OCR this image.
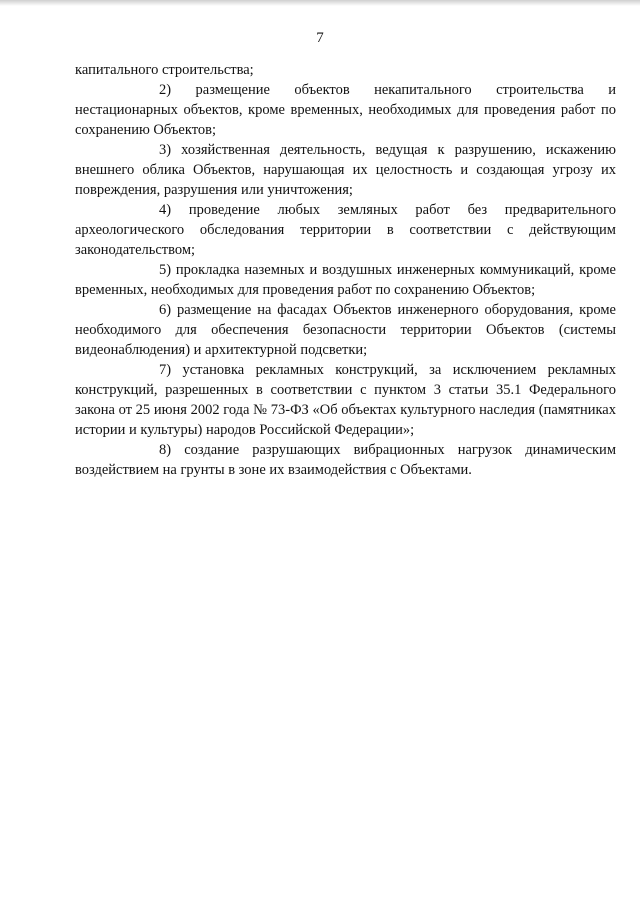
7

капитального строительства;

2) размещение объектов некапитального строительства и нестационарных объектов, кроме временных, необходимых для проведения работ по сохранению Объектов;

3) хозяйственная деятельность, ведущая к разрушению, искажению внешнего облика Объектов, нарушающая их целостность и создающая угрозу их повреждения, разрушения или уничтожения;

4) проведение любых земляных работ без предварительного археологического обследования территории в соответствии с действующим законодательством;

5) прокладка наземных и воздушных инженерных коммуникаций, кроме временных, необходимых для проведения работ по сохранению Объектов;

6) размещение на фасадах Объектов инженерного оборудования, кроме необходимого для обеспечения безопасности территории Объектов (системы видеонаблюдения) и архитектурной подсветки;

7) установка рекламных конструкций, за исключением рекламных конструкций, разрешенных в соответствии с пунктом 3 статьи 35.1 Федерального закона от 25 июня 2002 года № 73-ФЗ «Об объектах культурного наследия (памятниках истории и культуры) народов Российской Федерации»;

8) создание разрушающих вибрационных нагрузок динамическим воздействием на грунты в зоне их взаимодействия с Объектами.
